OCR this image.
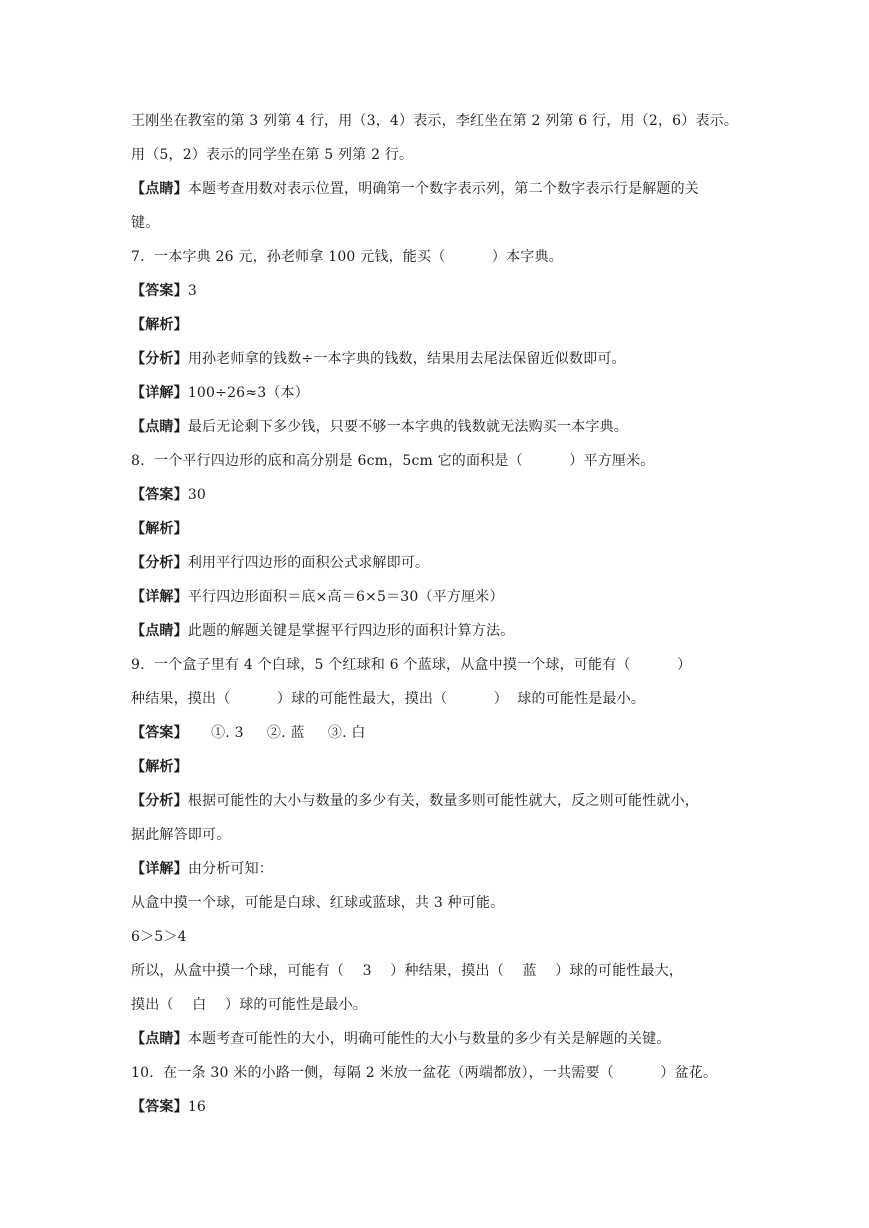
王刚坐在教室的第 3 列第 4 行，用（3，4）表示，李红坐在第 2 列第 6 行，用（2，6）表示。
用（5，2）表示的同学坐在第 5 列第 2 行。
【点睛】本题考查用数对表示位置，明确第一个数字表示列，第二个数字表示行是解题的关
键。
7.  一本字典 26 元，孙老师拿 100 元钱，能买（          ）本字典。
【答案】3
【解析】
【分析】用孙老师拿的钱数÷一本字典的钱数，结果用去尾法保留近似数即可。
【详解】100÷26≈3（本）
【点睛】最后无论剩下多少钱，只要不够一本字典的钱数就无法购买一本字典。
8.  一个平行四边形的底和高分别是 6cm，5cm 它的面积是（          ）平方厘米。
【答案】30
【解析】
【分析】利用平行四边形的面积公式求解即可。
【详解】平行四边形面积＝底×高＝6×5＝30（平方厘米）
【点睛】此题的解题关键是掌握平行四边形的面积计算方法。
9.  一个盒子里有 4 个白球，5 个红球和 6 个蓝球，从盒中摸一个球，可能有（          ）
种结果，摸出（          ）球的可能性最大，摸出（          ）  球的可能性是最小。
【答案】     ①. 3     ②. 蓝     ③. 白
【解析】
【分析】根据可能性的大小与数量的多少有关，数量多则可能性就大，反之则可能性就小，
据此解答即可。
【详解】由分析可知：
从盒中摸一个球，可能是白球、红球或蓝球，共 3 种可能。
6＞5＞4
所以，从盒中摸一个球，可能有（    3    ）种结果，摸出（    蓝    ）球的可能性最大，
摸出（    白    ）球的可能性是最小。
【点睛】本题考查可能性的大小，明确可能性的大小与数量的多少有关是解题的关键。
10.  在一条 30 米的小路一侧，每隔 2 米放一盆花（两端都放），一共需要（          ）盆花。
【答案】16
